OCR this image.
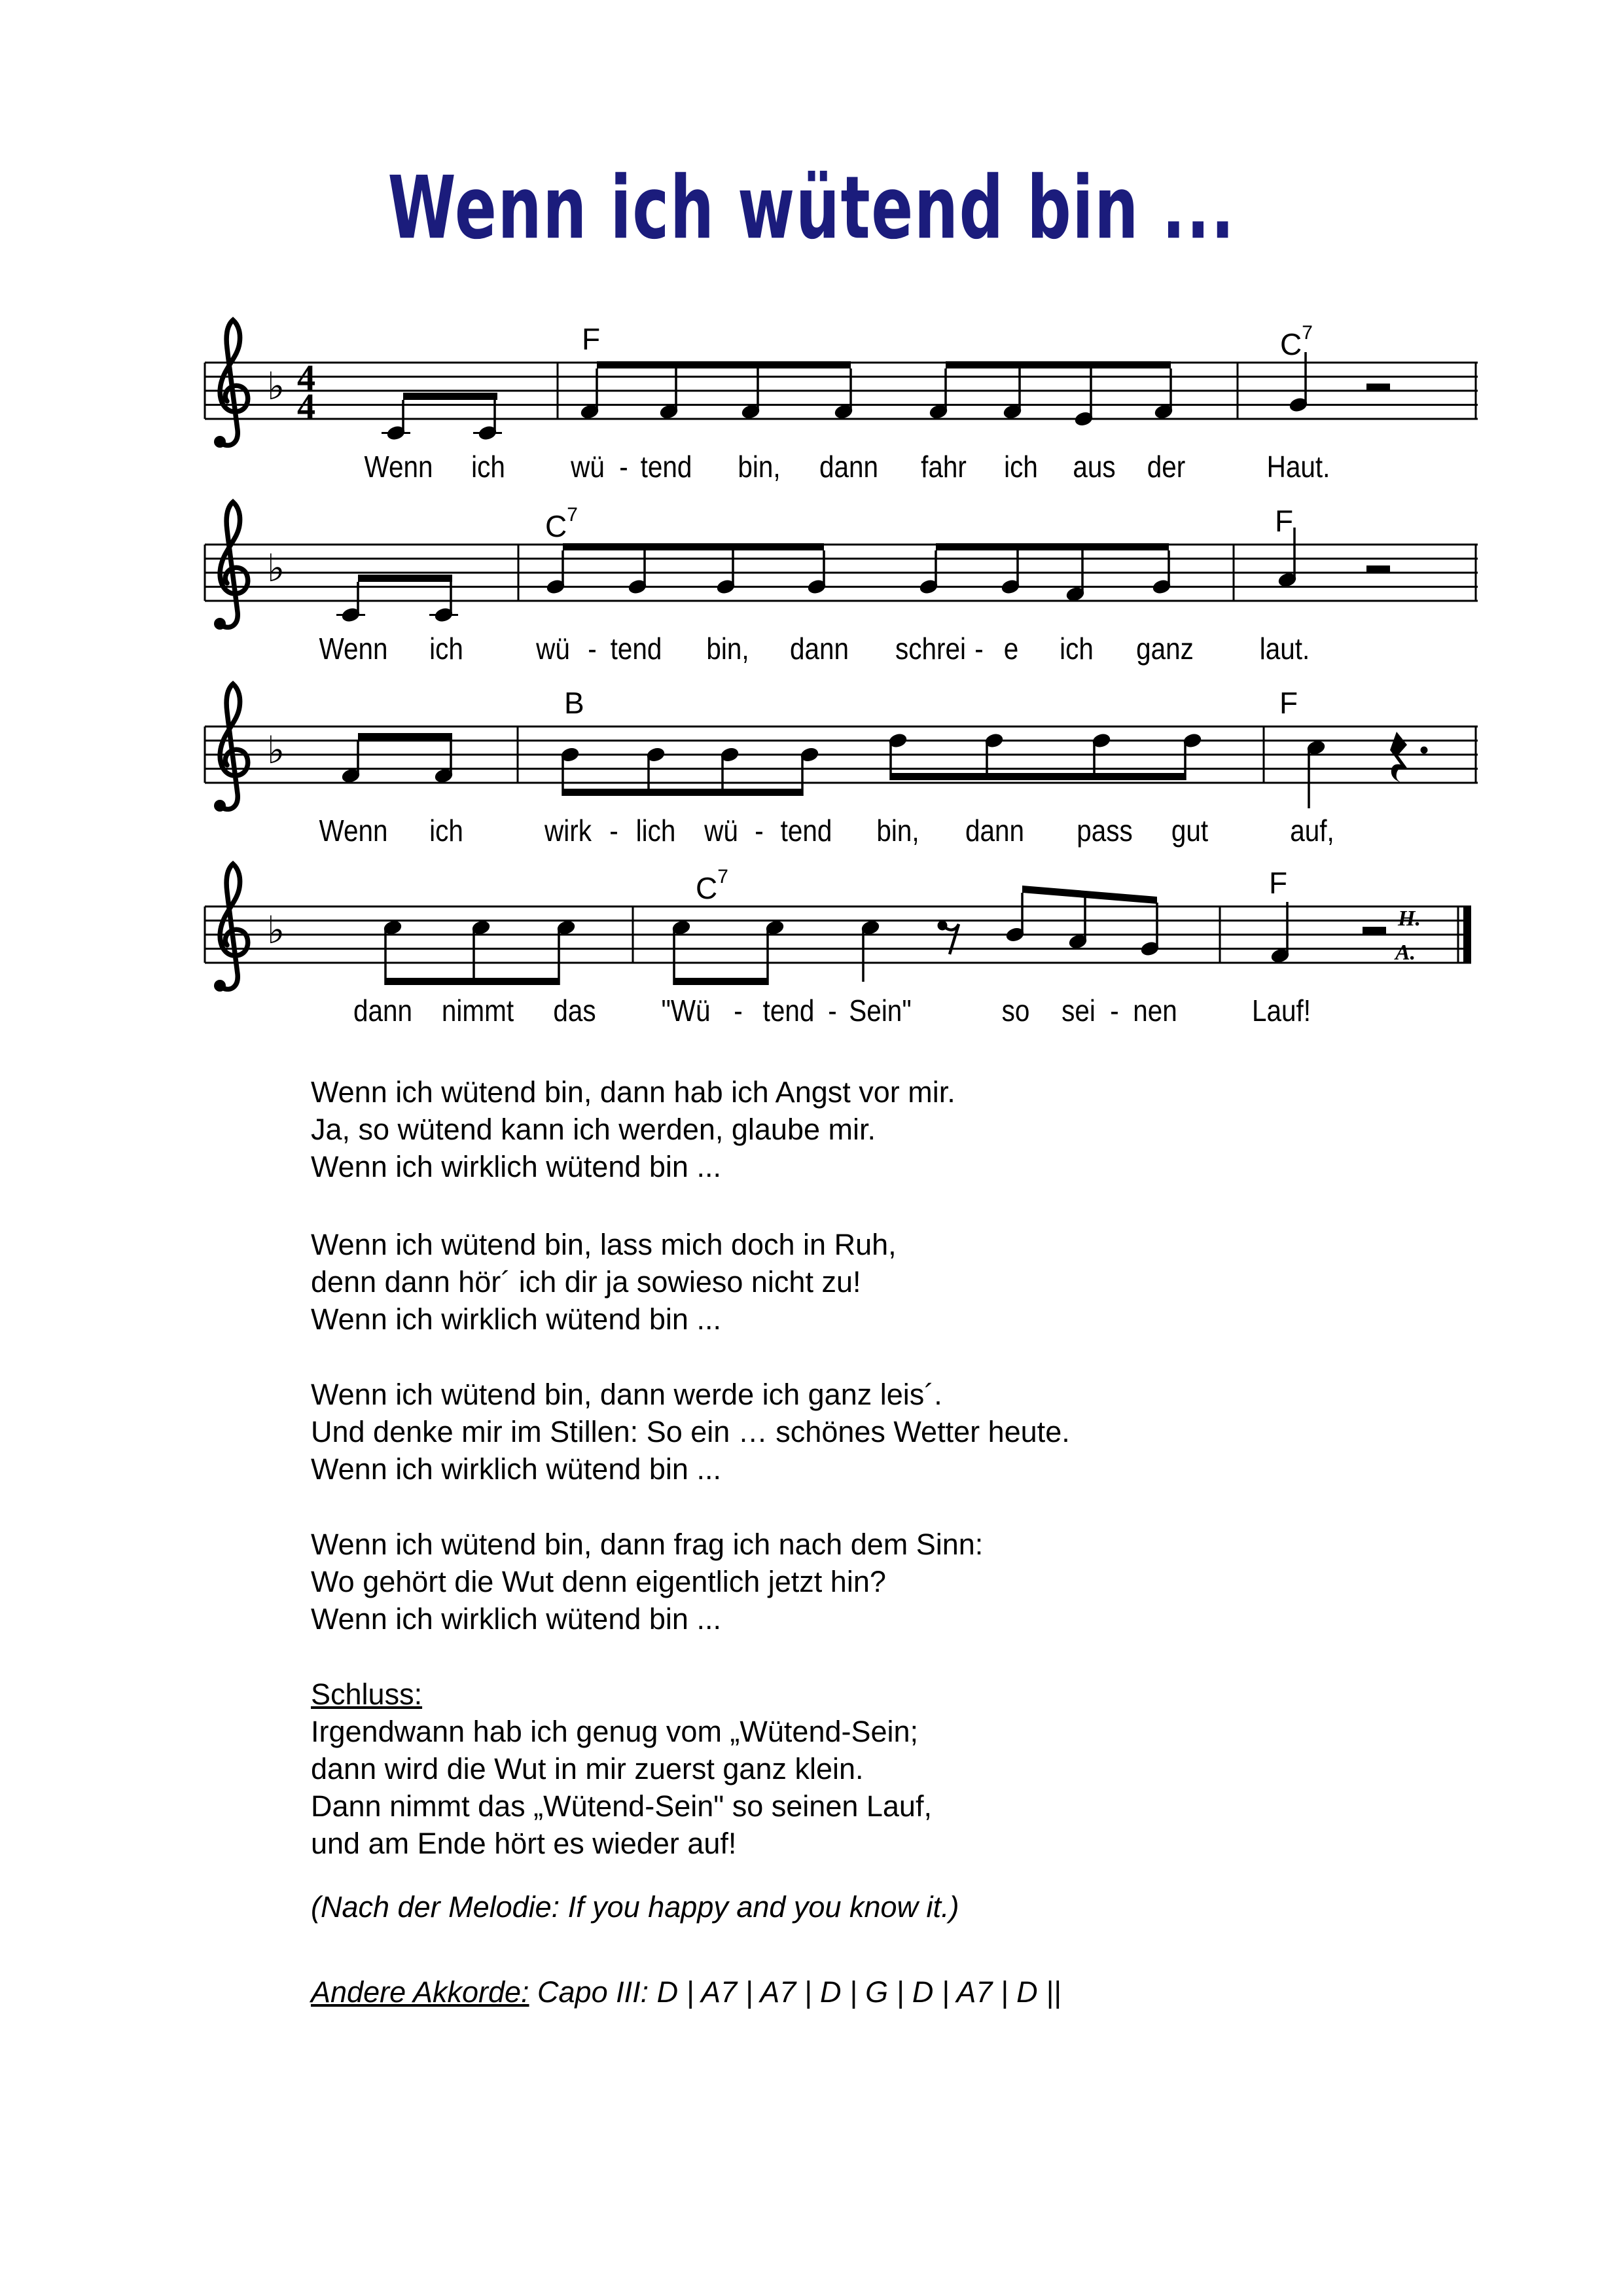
Wenn ich wütend bin ...
♭ 4
4
♭
♭
♭	H.
A.
F	$C^7$
$C^7$	F
B	F
$C^7$	F
Wenn ich wü - tend bin, dann fahr ich aus der	Haut.
Wenn ich wü - tend bin, dann schrei - e ich ganz laut.
Wenn ich	wirk - lich wü - tend bin, dann pass gut	auf,
dann nimmt das "Wü - tend - Sein"	so sei - nen Lauf!
Wenn ich wütend bin, dann hab ich Angst vor mir.
Ja, so wütend kann ich werden, glaube mir.
Wenn ich wirklich wütend bin ...
Wenn ich wütend bin, lass mich doch in Ruh,
denn dann hör´ ich dir ja sowieso nicht zu!
Wenn ich wirklich wütend bin ...
Wenn ich wütend bin, dann werde ich ganz leis´.
Und denke mir im Stillen: So ein … schönes Wetter heute.
Wenn ich wirklich wütend bin ...
Wenn ich wütend bin, dann frag ich nach dem Sinn:
Wo gehört die Wut denn eigentlich jetzt hin?
Wenn ich wirklich wütend bin ...
Schluss:
Irgendwann hab ich genug vom „Wütend-Sein;
dann wird die Wut in mir zuerst ganz klein.
Dann nimmt das „Wütend-Sein" so seinen Lauf,
und am Ende hört es wieder auf!
(Nach der Melodie: If you happy and you know it.)
Andere Akkorde: Capo III: D | A7 | A7 | D | G | D | A7 | D ||
